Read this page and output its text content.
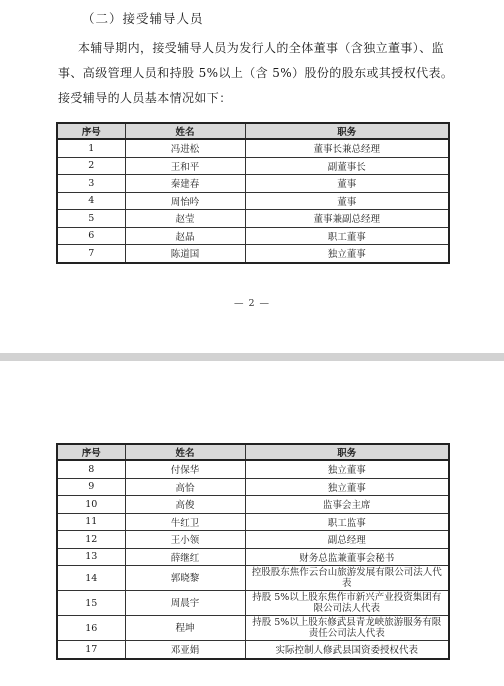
（二）接受辅导人员
本辅导期内，接受辅导人员为发行人的全体董事（含独立董事）、监事、高级管理人员和持股 5%以上（含 5%）股份的股东或其授权代表。接受辅导的人员基本情况如下：
序号	姓名	职务
1	冯进松	董事长兼总经理
2	王和平	副董事长
3	秦建春	董事
4	周怡吟	董事
5	赵莹	董事兼副总经理
6	赵晶	职工董事
7	陈道国	独立董事
— 2 —
序号	姓名	职务
8	付保华	独立董事
9	高恰	独立董事
10	高俊	监事会主席
11	牛红卫	职工监事
12	王小领	副总经理
13	薛继红	财务总监兼董事会秘书
14	郭晓黎	控股股东焦作云台山旅游发展有限公司法人代表
15	周晨宇	持股 5%以上股东焦作市新兴产业投资集团有限公司法人代表
16	程坤	持股 5%以上股东修武县青龙峡旅游服务有限责任公司法人代表
17	邓亚娟	实际控制人修武县国资委授权代表
